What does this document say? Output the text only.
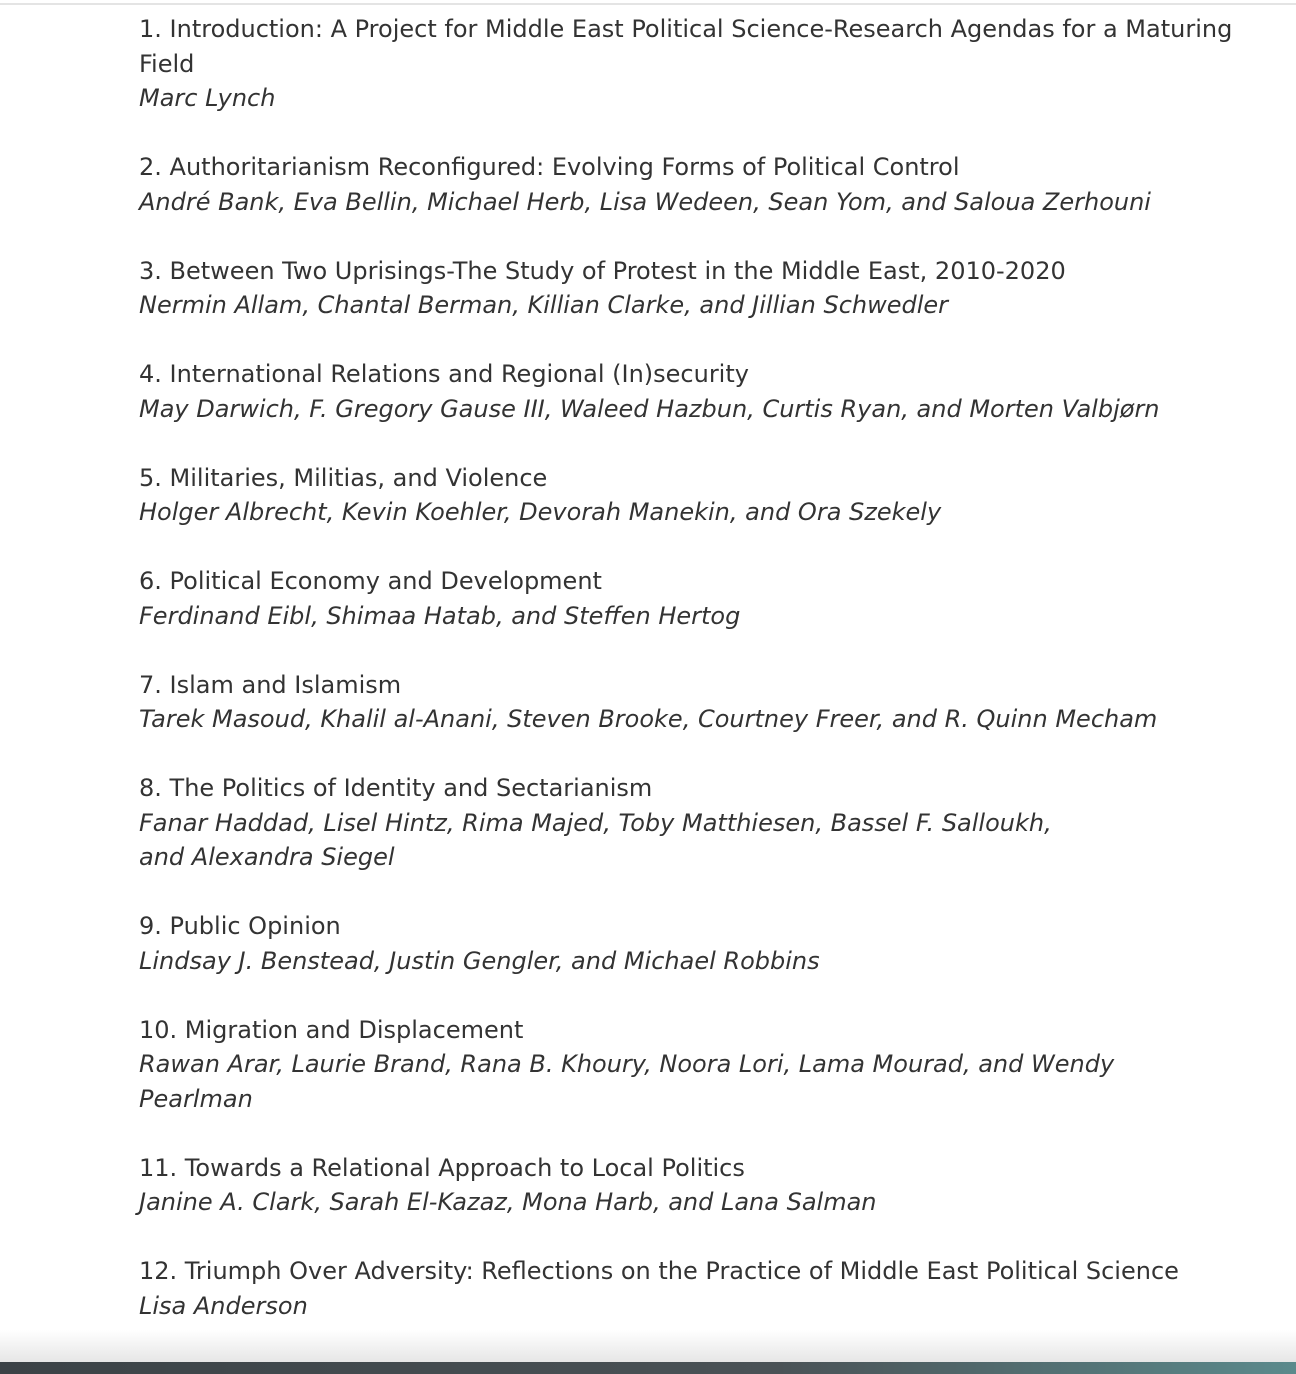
1. Introduction: A Project for Middle East Political Science-Research Agendas for a Maturing Field
Marc Lynch
2. Authoritarianism Reconfigured: Evolving Forms of Political Control
André Bank, Eva Bellin, Michael Herb, Lisa Wedeen, Sean Yom, and Saloua Zerhouni
3. Between Two Uprisings-The Study of Protest in the Middle East, 2010-2020
Nermin Allam, Chantal Berman, Killian Clarke, and Jillian Schwedler
4. International Relations and Regional (In)security
May Darwich, F. Gregory Gause III, Waleed Hazbun, Curtis Ryan, and Morten Valbjørn
5. Militaries, Militias, and Violence
Holger Albrecht, Kevin Koehler, Devorah Manekin, and Ora Szekely
6. Political Economy and Development
Ferdinand Eibl, Shimaa Hatab, and Steffen Hertog
7. Islam and Islamism
Tarek Masoud, Khalil al-Anani, Steven Brooke, Courtney Freer, and R. Quinn Mecham
8. The Politics of Identity and Sectarianism
Fanar Haddad, Lisel Hintz, Rima Majed, Toby Matthiesen, Bassel F. Salloukh,
and Alexandra Siegel
9. Public Opinion
Lindsay J. Benstead, Justin Gengler, and Michael Robbins
10. Migration and Displacement
Rawan Arar, Laurie Brand, Rana B. Khoury, Noora Lori, Lama Mourad, and Wendy
Pearlman
11. Towards a Relational Approach to Local Politics
Janine A. Clark, Sarah El-Kazaz, Mona Harb, and Lana Salman
12. Triumph Over Adversity: Reflections on the Practice of Middle East Political Science
Lisa Anderson
